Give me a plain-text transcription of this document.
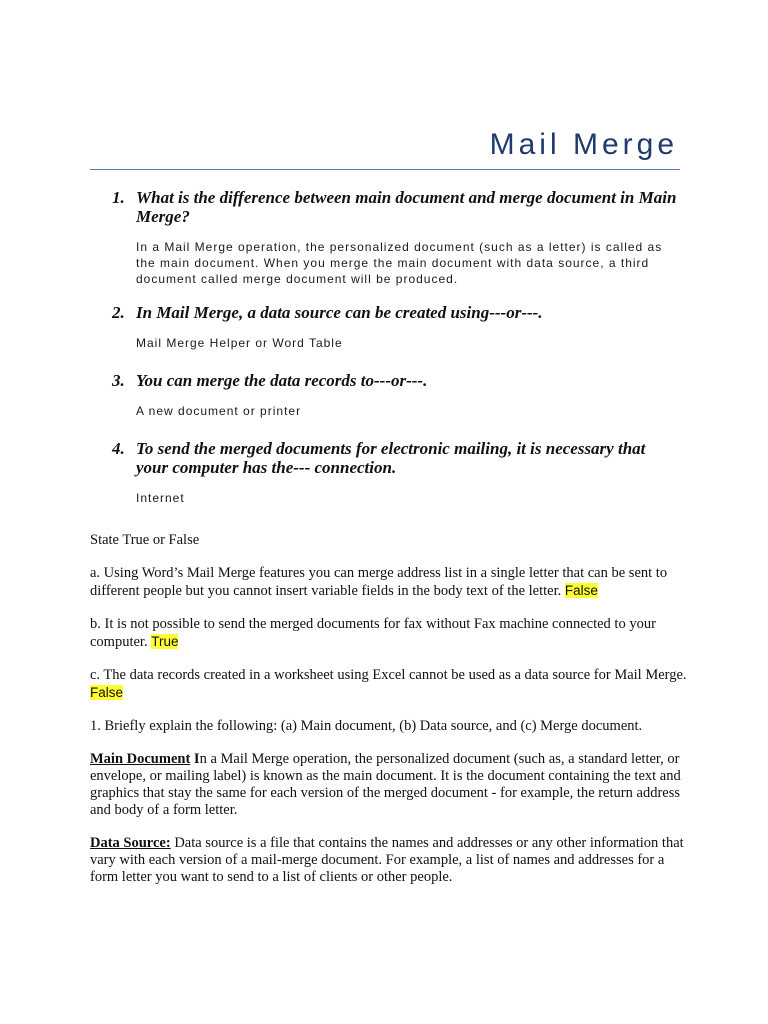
Mail Merge
1. What is the difference between main document and merge document in Main Merge?

In a Mail Merge operation, the personalized document (such as a letter) is called as the main document. When you merge the main document with data source, a third document called merge document will be produced.

2. In Mail Merge, a data source can be created using---or---.

Mail Merge Helper or Word Table

3. You can merge the data records to---or---.

A new document or printer

4. To send the merged documents for electronic mailing, it is necessary that your computer has the--- connection.

Internet

State True or False

a. Using Word’s Mail Merge features you can merge address list in a single letter that can be sent to different people but you cannot insert variable fields in the body text of the letter. False

b. It is not possible to send the merged documents for fax without Fax machine connected to your computer. True

c. The data records created in a worksheet using Excel cannot be used as a data source for Mail Merge. False

1. Briefly explain the following: (a) Main document, (b) Data source, and (c) Merge document.

Main Document In a Mail Merge operation, the personalized document (such as, a standard letter, or envelope, or mailing label) is known as the main document. It is the document containing the text and graphics that stay the same for each version of the merged document - for example, the return address and body of a form letter.

Data Source: Data source is a file that contains the names and addresses or any other information that vary with each version of a mail-merge document. For example, a list of names and addresses for a form letter you want to send to a list of clients or other people.
